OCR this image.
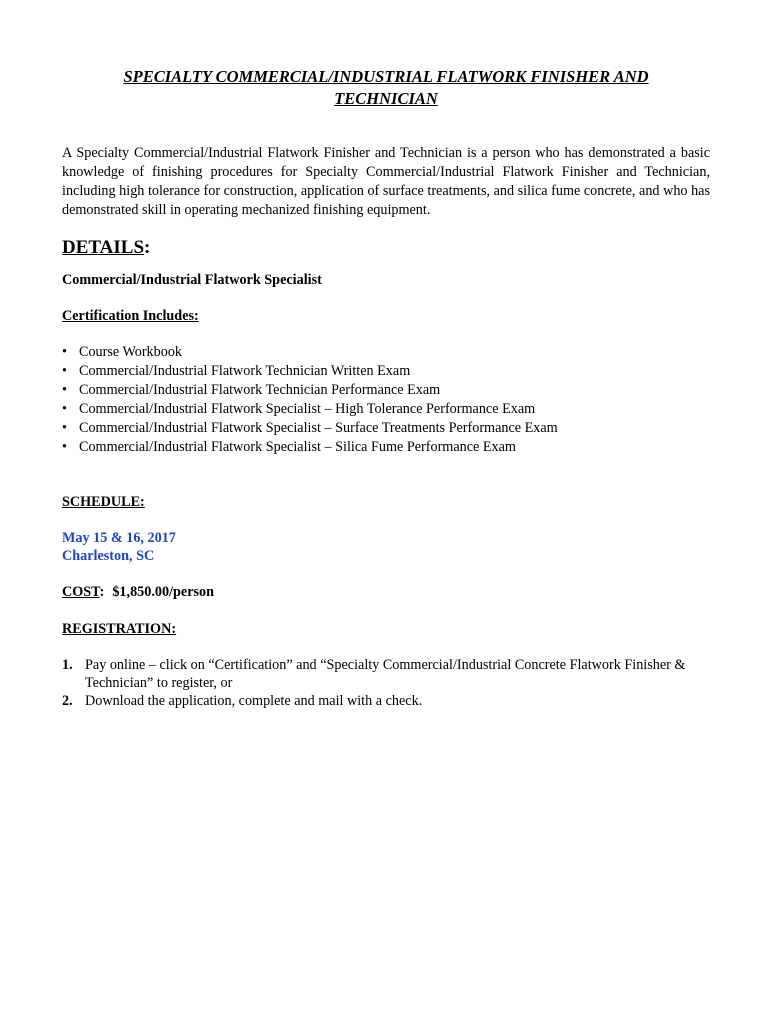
SPECIALTY COMMERCIAL/INDUSTRIAL FLATWORK FINISHER AND
TECHNICIAN

A Specialty Commercial/Industrial Flatwork Finisher and Technician is a person who has demonstrated a basic knowledge of finishing procedures for Specialty Commercial/Industrial Flatwork Finisher and Technician, including high tolerance for construction, application of surface treatments, and silica fume concrete, and who has demonstrated skill in operating mechanized finishing equipment.

DETAILS:

Commercial/Industrial Flatwork Specialist

Certification Includes:

• Course Workbook
• Commercial/Industrial Flatwork Technician Written Exam
• Commercial/Industrial Flatwork Technician Performance Exam
• Commercial/Industrial Flatwork Specialist – High Tolerance Performance Exam
• Commercial/Industrial Flatwork Specialist – Surface Treatments Performance Exam
• Commercial/Industrial Flatwork Specialist – Silica Fume Performance Exam

SCHEDULE:

May 15 & 16, 2017
Charleston, SC
COST: $1,850.00/person

REGISTRATION:

1. Pay online – click on “Certification” and “Specialty Commercial/Industrial Concrete Flatwork Finisher & Technician” to register, or
2. Download the application, complete and mail with a check.
